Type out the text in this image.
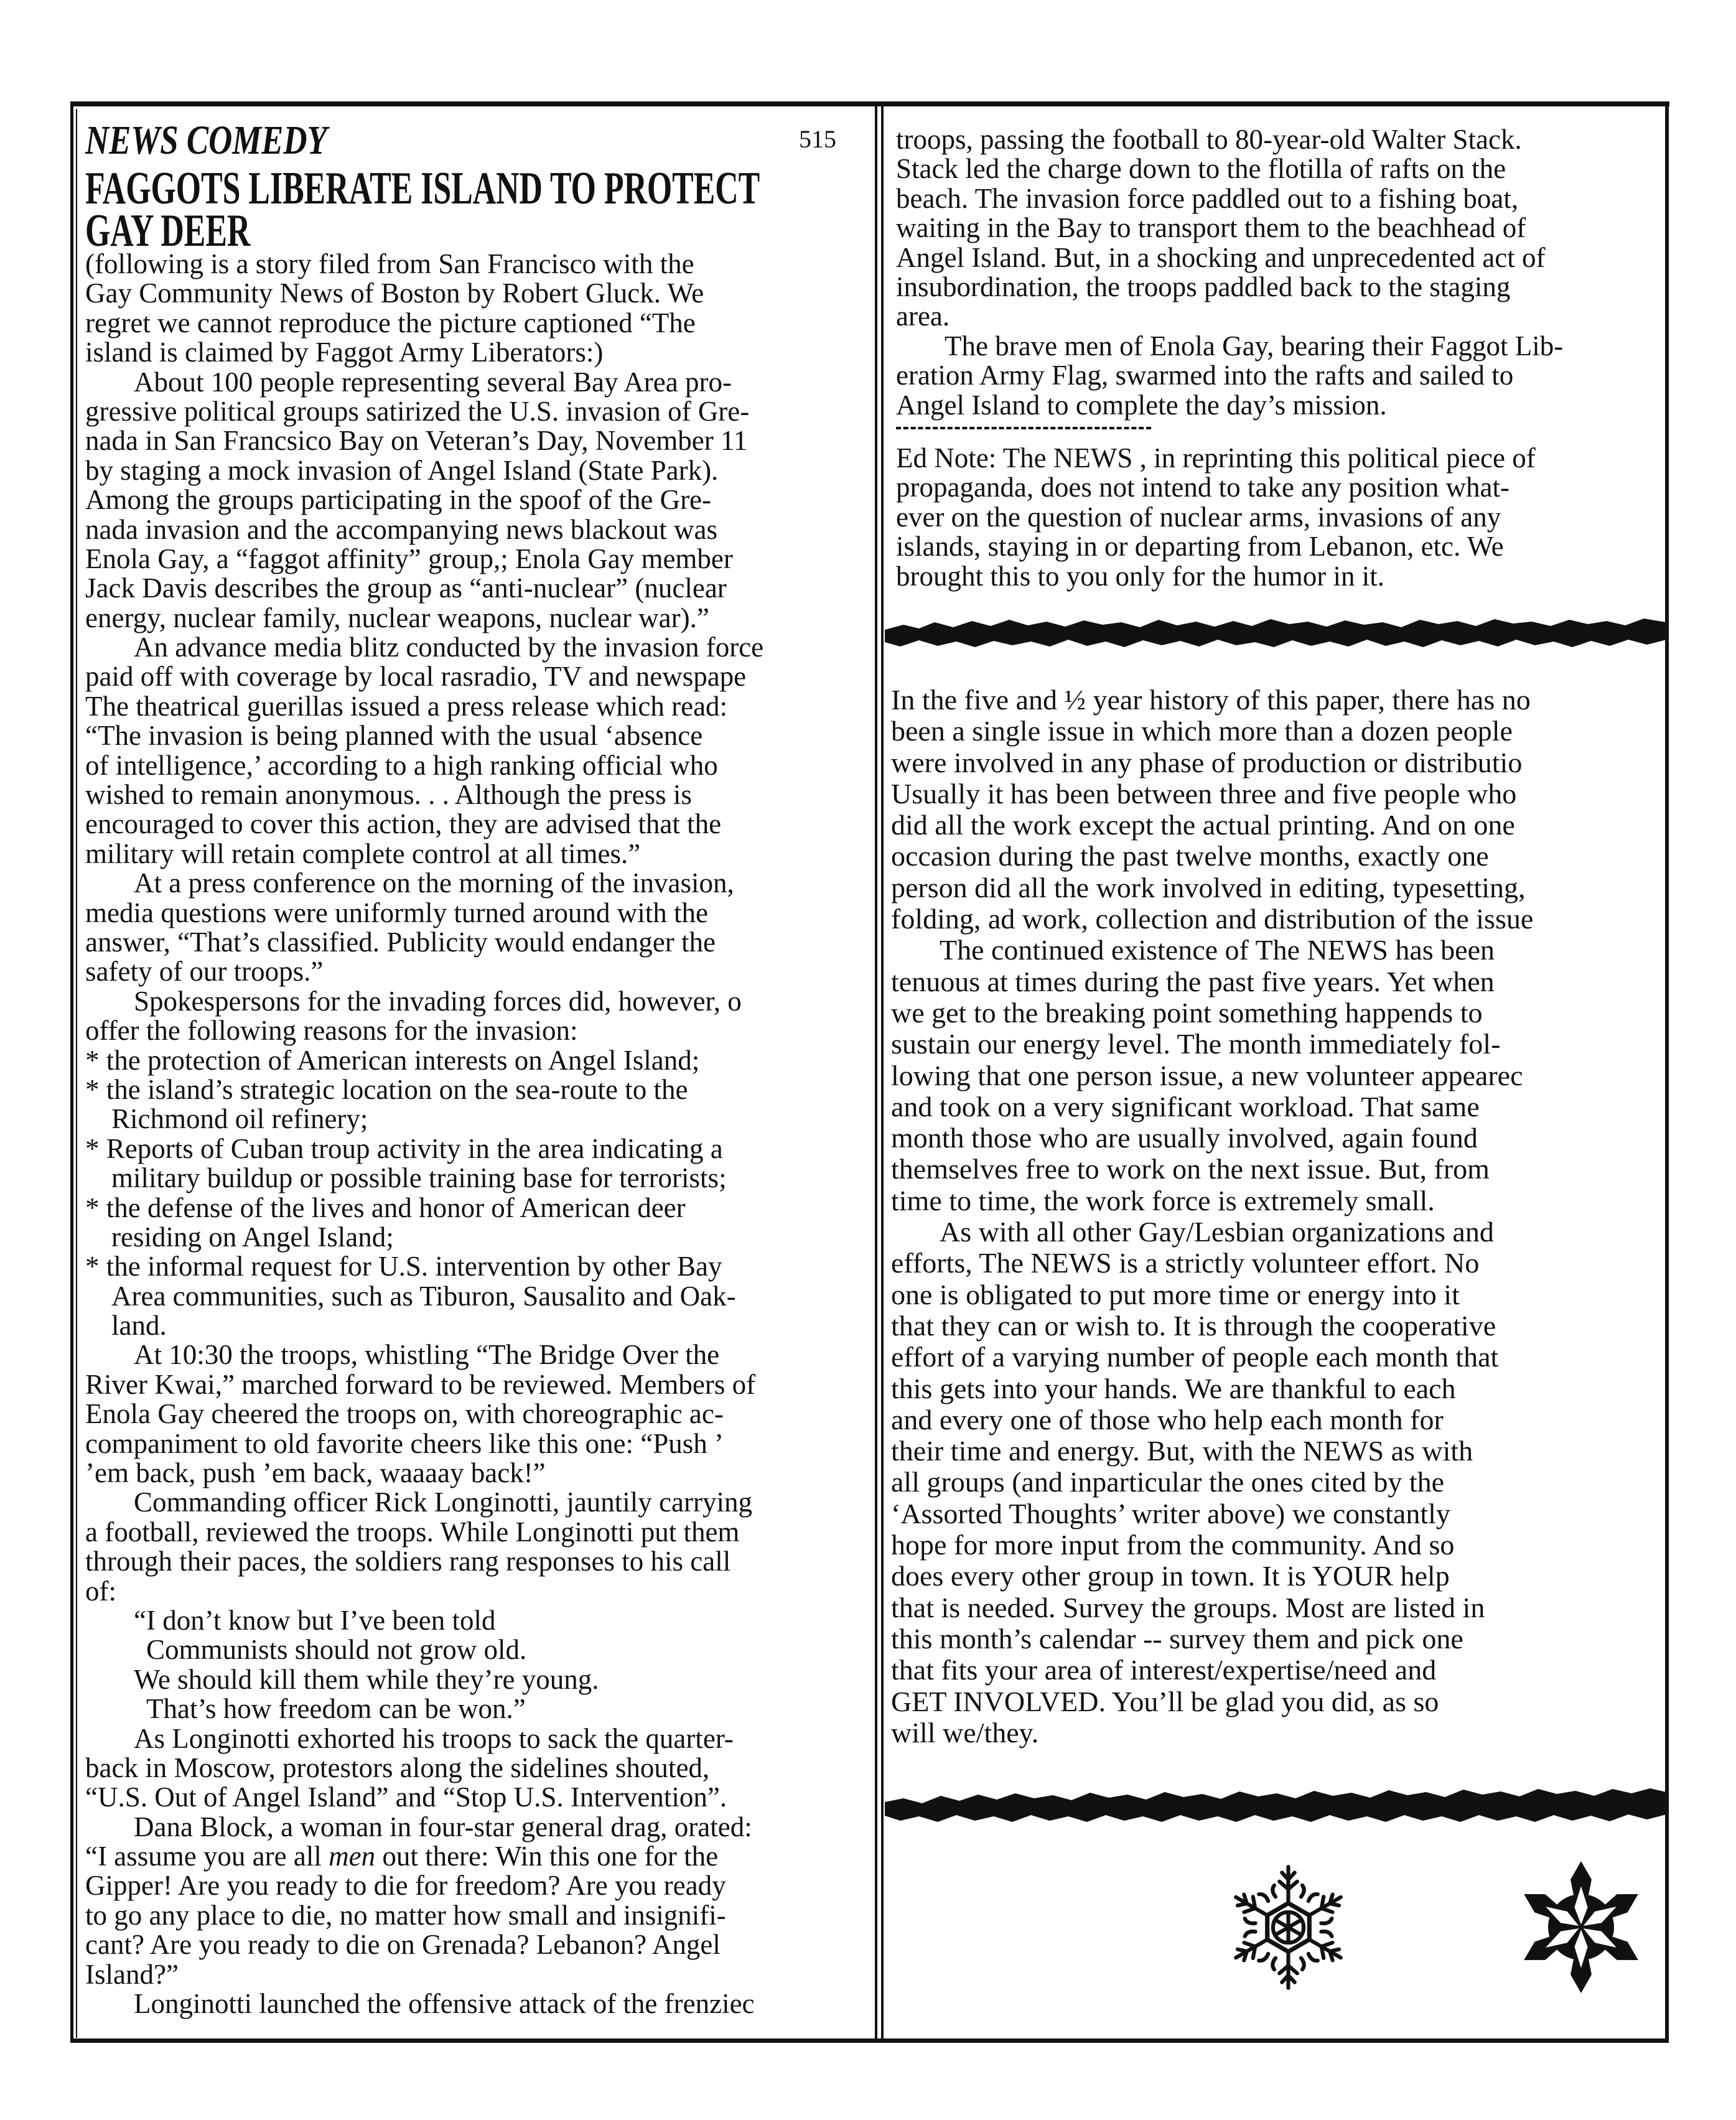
NEWS COMEDY	515
FAGGOTS LIBERATE ISLAND TO PROTECT
GAY DEER
(following is a story filed from San Francisco with the
Gay Community News of Boston by Robert Gluck. We
regret we cannot reproduce the picture captioned “The
island is claimed by Faggot Army Liberators:)
About 100 people representing several Bay Area pro-
gressive political groups satirized the U.S. invasion of Gre-
nada in San Francsico Bay on Veteran’s Day, November 11
by staging a mock invasion of Angel Island (State Park).
Among the groups participating in the spoof of the Gre-
nada invasion and the accompanying news blackout was
Enola Gay, a “faggot affinity” group,; Enola Gay member
Jack Davis describes the group as “anti-nuclear” (nuclear
energy, nuclear family, nuclear weapons, nuclear war).”
An advance media blitz conducted by the invasion force
paid off with coverage by local rasradio, TV and newspape
The theatrical guerillas issued a press release which read:
“The invasion is being planned with the usual ‘absence
of intelligence,’ according to a high ranking official who
wished to remain anonymous. . . Although the press is
encouraged to cover this action, they are advised that the
military will retain complete control at all times.”
At a press conference on the morning of the invasion,
media questions were uniformly turned around with the
answer, “That’s classified. Publicity would endanger the
safety of our troops.”
Spokespersons for the invading forces did, however, o
offer the following reasons for the invasion:
* the protection of American interests on Angel Island;
* the island’s strategic location on the sea-route to the
Richmond oil refinery;
* Reports of Cuban troup activity in the area indicating a
military buildup or possible training base for terrorists;
* the defense of the lives and honor of American deer
residing on Angel Island;
* the informal request for U.S. intervention by other Bay
Area communities, such as Tiburon, Sausalito and Oak-
land.
At 10:30 the troops, whistling “The Bridge Over the
River Kwai,” marched forward to be reviewed. Members of
Enola Gay cheered the troops on, with choreographic ac-
companiment to old favorite cheers like this one: “Push ’
’em back, push ’em back, waaaay back!”
Commanding officer Rick Longinotti, jauntily carrying
a football, reviewed the troops. While Longinotti put them
through their paces, the soldiers rang responses to his call
of:
“I don’t know but I’ve been told
Communists should not grow old.
We should kill them while they’re young.
That’s how freedom can be won.”
As Longinotti exhorted his troops to sack the quarter-
back in Moscow, protestors along the sidelines shouted,
“U.S. Out of Angel Island” and “Stop U.S. Intervention”.
Dana Block, a woman in four-star general drag, orated:
“I assume you are all men out there: Win this one for the
Gipper! Are you ready to die for freedom? Are you ready
to go any place to die, no matter how small and insignifi-
cant? Are you ready to die on Grenada? Lebanon? Angel
Island?”
Longinotti launched the offensive attack of the frenziec
troops, passing the football to 80-year-old Walter Stack.
Stack led the charge down to the flotilla of rafts on the
beach. The invasion force paddled out to a fishing boat,
waiting in the Bay to transport them to the beachhead of
Angel Island. But, in a shocking and unprecedented act of
insubordination, the troops paddled back to the staging
area.
The brave men of Enola Gay, bearing their Faggot Lib-
eration Army Flag, swarmed into the rafts and sailed to
Angel Island to complete the day’s mission.
Ed Note: The NEWS , in reprinting this political piece of
propaganda, does not intend to take any position what-
ever on the question of nuclear arms, invasions of any
islands, staying in or departing from Lebanon, etc. We
brought this to you only for the humor in it.
In the five and ½ year history of this paper, there has no
been a single issue in which more than a dozen people
were involved in any phase of production or distributio
Usually it has been between three and five people who
did all the work except the actual printing. And on one
occasion during the past twelve months, exactly one
person did all the work involved in editing, typesetting,
folding, ad work, collection and distribution of the issue
The continued existence of The NEWS has been
tenuous at times during the past five years. Yet when
we get to the breaking point something happends to
sustain our energy level. The month immediately fol-
lowing that one person issue, a new volunteer appearec
and took on a very significant workload. That same
month those who are usually involved, again found
themselves free to work on the next issue. But, from
time to time, the work force is extremely small.
As with all other Gay/Lesbian organizations and
efforts, The NEWS is a strictly volunteer effort. No
one is obligated to put more time or energy into it
that they can or wish to. It is through the cooperative
effort of a varying number of people each month that
this gets into your hands. We are thankful to each
and every one of those who help each month for
their time and energy. But, with the NEWS as with
all groups (and inparticular the ones cited by the
‘Assorted Thoughts’ writer above) we constantly
hope for more input from the community. And so
does every other group in town. It is YOUR help
that is needed. Survey the groups. Most are listed in
this month’s calendar -- survey them and pick one
that fits your area of interest/expertise/need and
GET INVOLVED. You’ll be glad you did, as so
will we/they.
